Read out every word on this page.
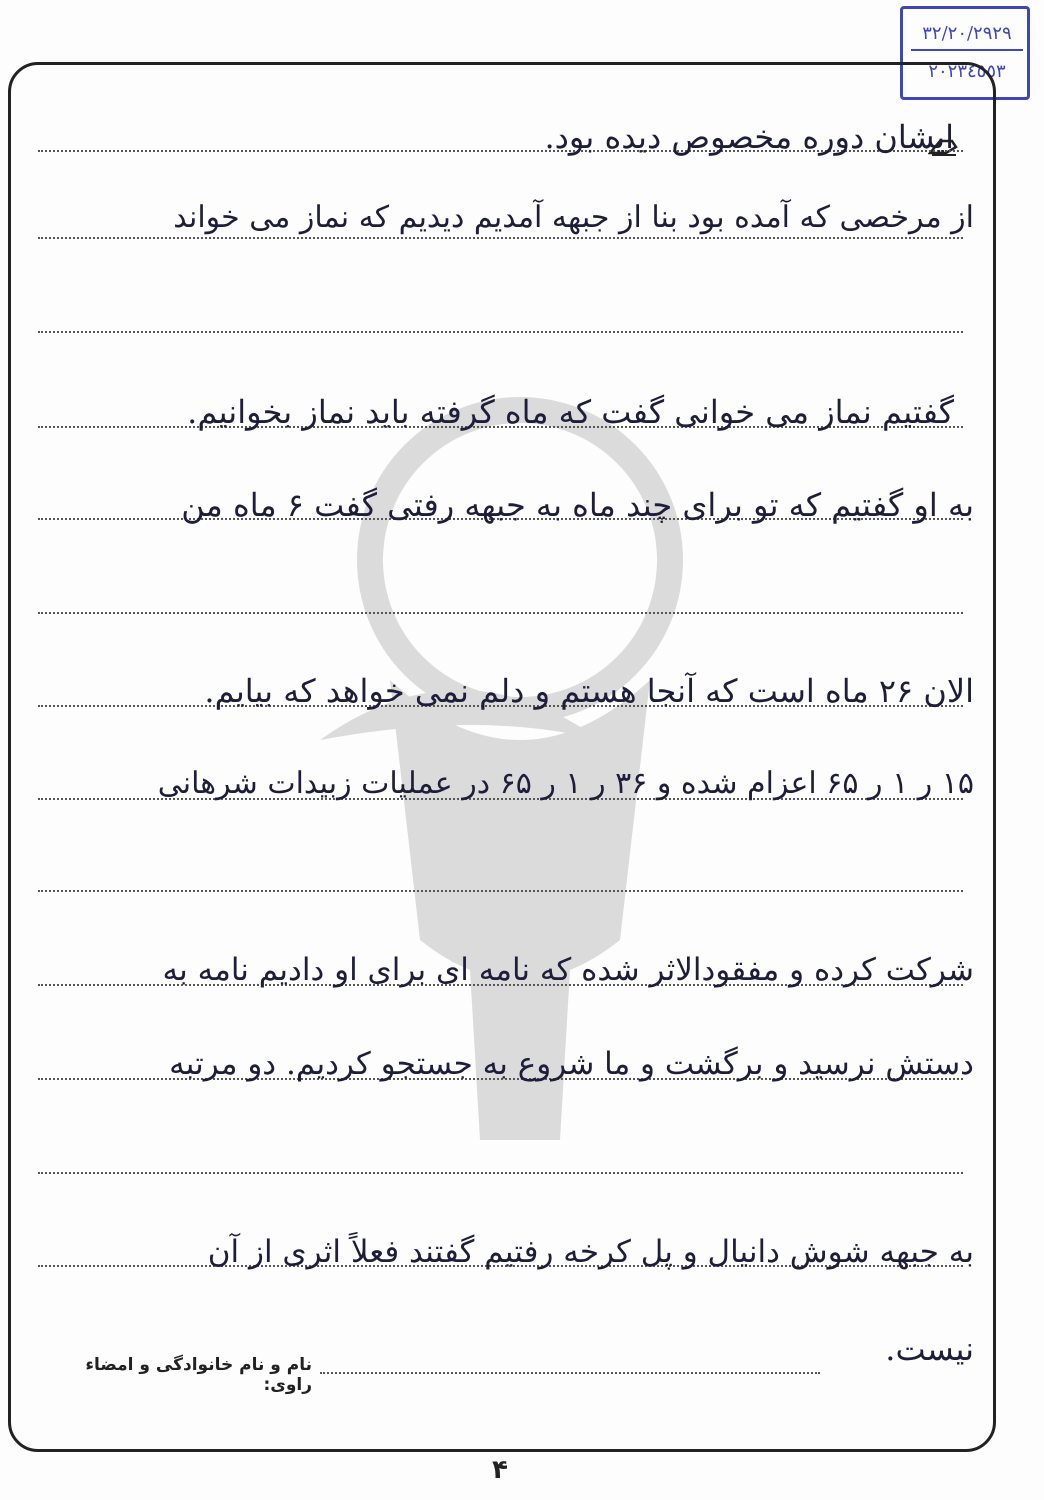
٣٢/٢٠/٢٩٢٩
٢٠٢٣٤٥٥٣
ایشان دوره مخصوص دیده بود.
از مرخصی که آمده بود بنا از جبهه آمدیم دیدیم که نماز می خواند
گفتیم نماز می خوانی گفت که ماه گرفته باید نماز بخوانیم.
به او گفتیم که تو برای چند ماه به جبهه رفتی گفت ۶ ماه من
الان ۲۶ ماه است که آنجا هستم و دلم نمی خواهد که بیایم.
۱۵ ر ۱ ر ۶۵ اعزام شده و ۳۶ ر ۱ ر ۶۵ در عملیات زبیدات شرهانی
شرکت کرده و مفقودالاثر شده که نامه ای برای او دادیم نامه به
دستش نرسید و برگشت و ما شروع به جستجو کردیم. دو مرتبه
به جبهه شوش دانیال و پل کرخه رفتیم گفتند فعلاً اثری از آن
نیست.
نام و نام خانوادگی و امضاء راوی:
۴
